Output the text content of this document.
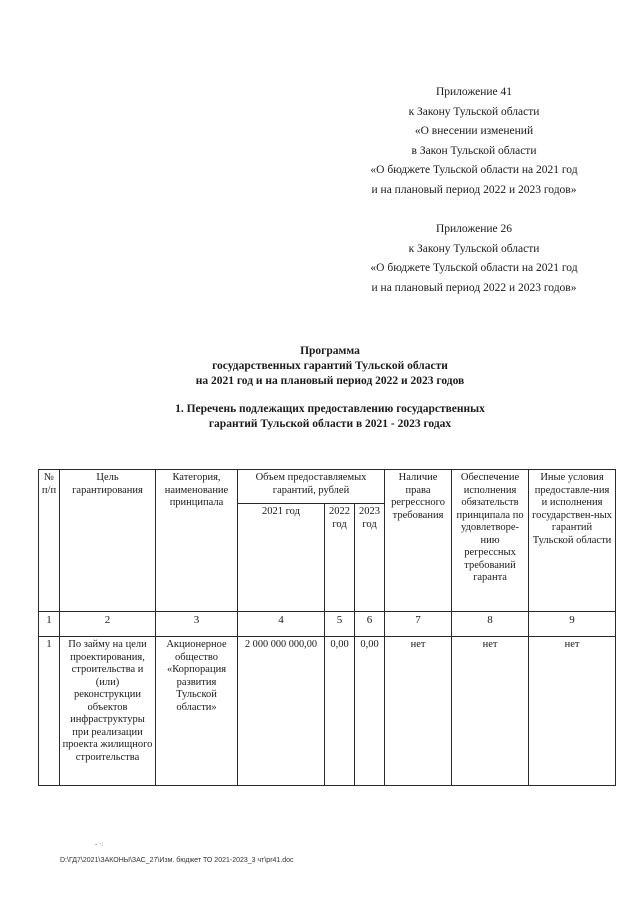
Приложение 41
к Закону Тульской области
«О внесении изменений
в Закон Тульской области
«О бюджете Тульской области на 2021 год
и на плановый период 2022 и 2023 годов»
Приложение 26
к Закону Тульской области
«О бюджете Тульской области на 2021 год
и на плановый период 2022 и 2023 годов»
Программа
государственных гарантий Тульской области
на 2021 год и на плановый период 2022 и 2023 годов
1. Перечень подлежащих предоставлению государственных
гарантий Тульской области в 2021 - 2023 годах
№ п/п	Цель гарантирования	Категория, наименование принципала	Объем предоставляемых гарантий, рублей			Наличие права регрессного требования	Обеспечение исполнения обязательств принципала по удовлетворе-нию регрессных требований гаранта	Иные условия предоставле-ния и исполнения государствен-ных гарантий Тульской области
			2021 год	2022 год	2023 год			
1	2	3	4	5	6	7	8	9
1	По займу на цели проектирования, строительства и (или) реконструкции объектов инфраструктуры при реализации проекта жилищного строительства	Акционерное общество «Корпорация развития Тульской области»	2 000 000 000,00	0,00	0,00	нет	нет	нет
- ·:
D:\ГД7\2021\ЗАКОНЫ\ЗАС_27\Изм. бюджет ТО 2021-2023_3 чт\pr41.doc
